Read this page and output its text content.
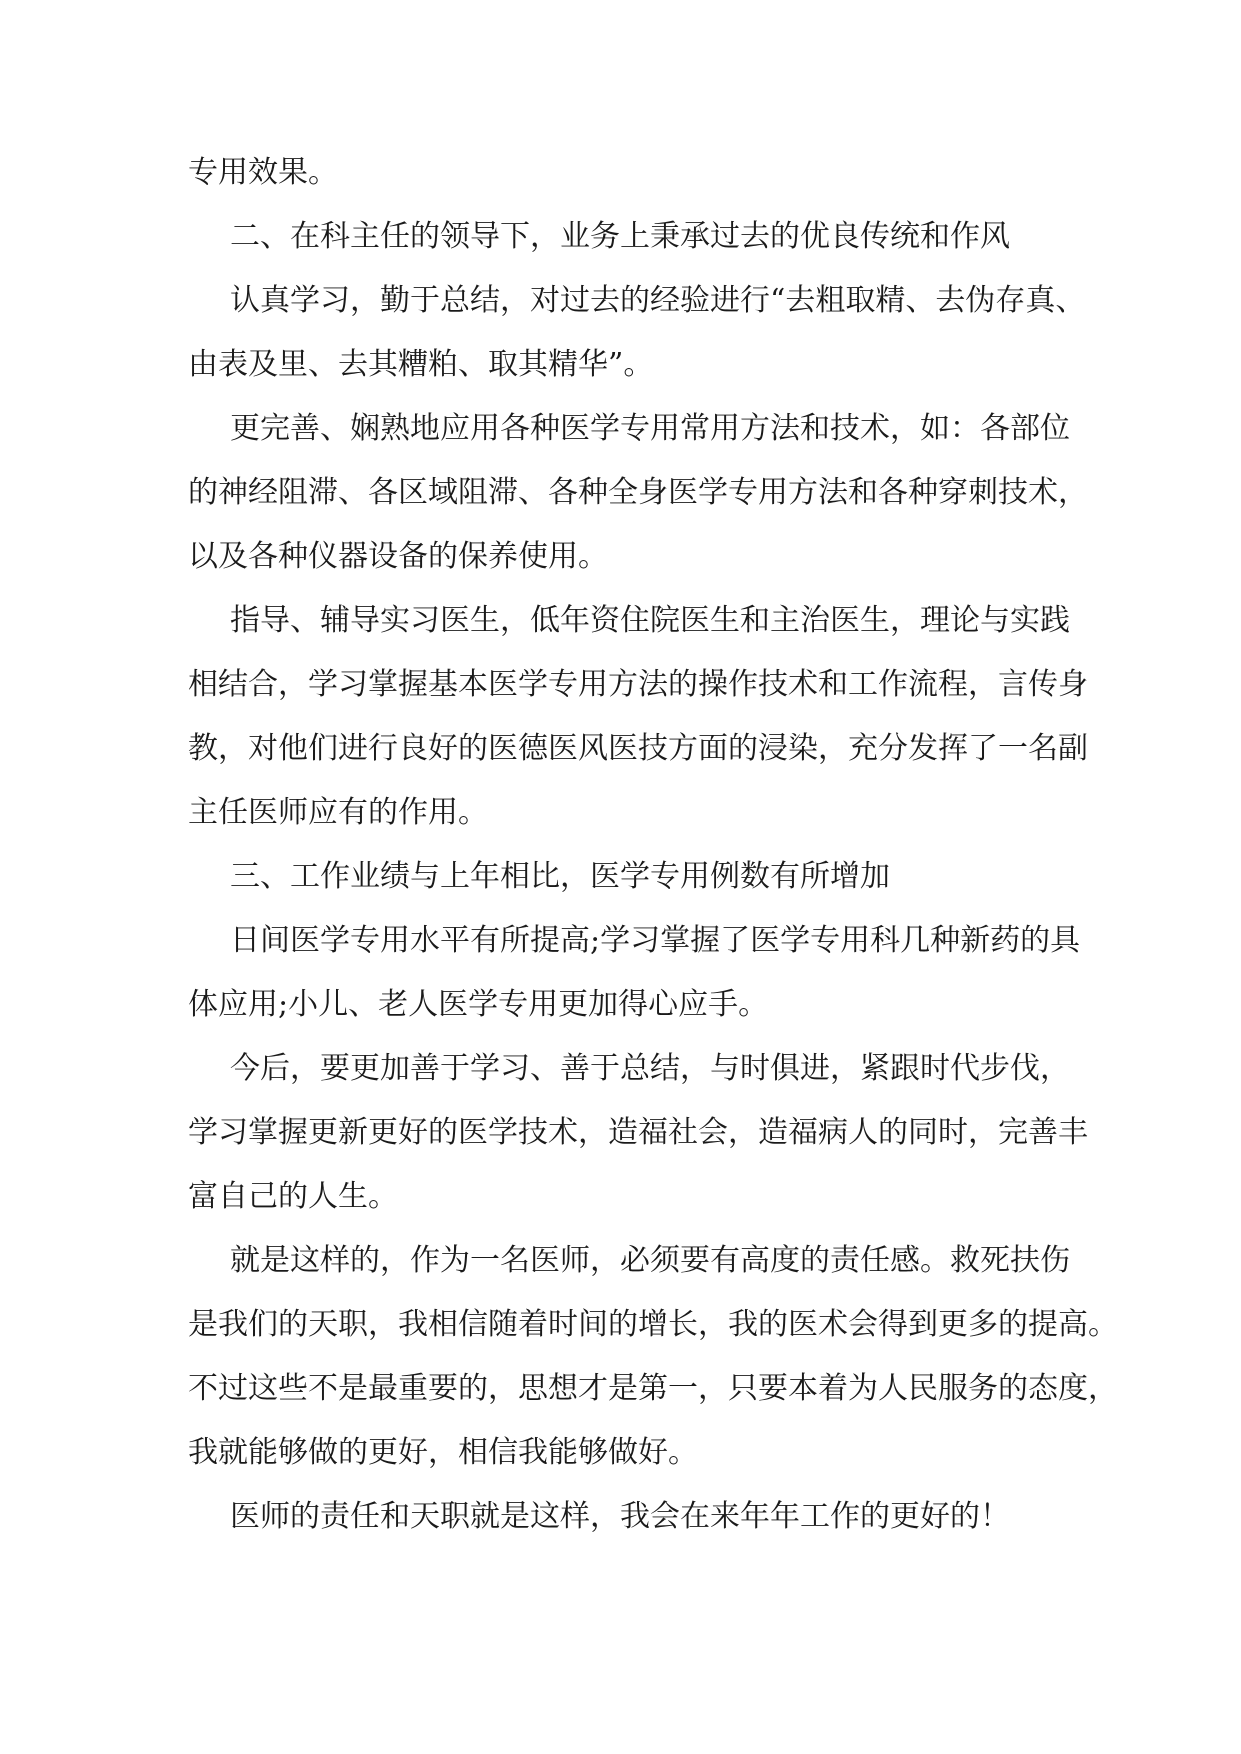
专用效果。
二、在科主任的领导下，业务上秉承过去的优良传统和作风
认真学习，勤于总结，对过去的经验进行“去粗取精、去伪存真、
由表及里、去其糟粕、取其精华”。
更完善、娴熟地应用各种医学专用常用方法和技术，如：各部位
的神经阻滞、各区域阻滞、各种全身医学专用方法和各种穿刺技术，
以及各种仪器设备的保养使用。
指导、辅导实习医生，低年资住院医生和主治医生，理论与实践
相结合，学习掌握基本医学专用方法的操作技术和工作流程，言传身
教，对他们进行良好的医德医风医技方面的浸染，充分发挥了一名副
主任医师应有的作用。
三、工作业绩与上年相比，医学专用例数有所增加
日间医学专用水平有所提高;学习掌握了医学专用科几种新药的具
体应用;小儿、老人医学专用更加得心应手。
今后，要更加善于学习、善于总结，与时俱进，紧跟时代步伐，
学习掌握更新更好的医学技术，造福社会，造福病人的同时，完善丰
富自己的人生。
就是这样的，作为一名医师，必须要有高度的责任感。救死扶伤
是我们的天职，我相信随着时间的增长，我的医术会得到更多的提高。
不过这些不是最重要的，思想才是第一，只要本着为人民服务的态度，
我就能够做的更好，相信我能够做好。
医师的责任和天职就是这样，我会在来年年工作的更好的！
